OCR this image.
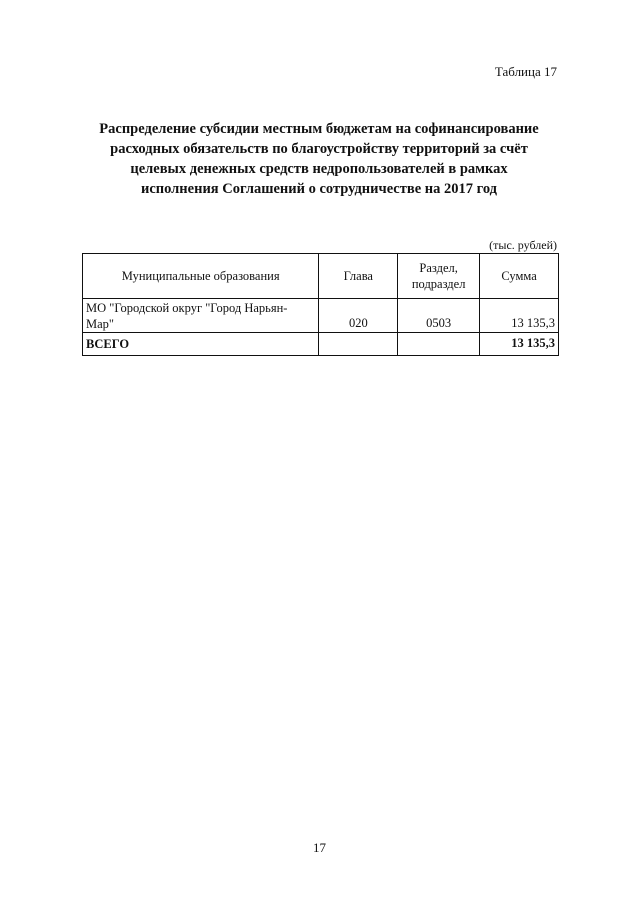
Таблица 17

Распределение субсидии местным бюджетам на софинансирование
расходных обязательств по благоустройству территорий за счёт
целевых денежных средств недропользователей в рамках
исполнения Соглашений о сотрудничестве на 2017 год

(тыс. рублей)

Муниципальные образования	Глава	Раздел,
подраздел	Сумма
МО "Городской округ "Город Нарьян-
Мар"	020	0503	13 135,3
ВСЕГО			13 135,3

17
